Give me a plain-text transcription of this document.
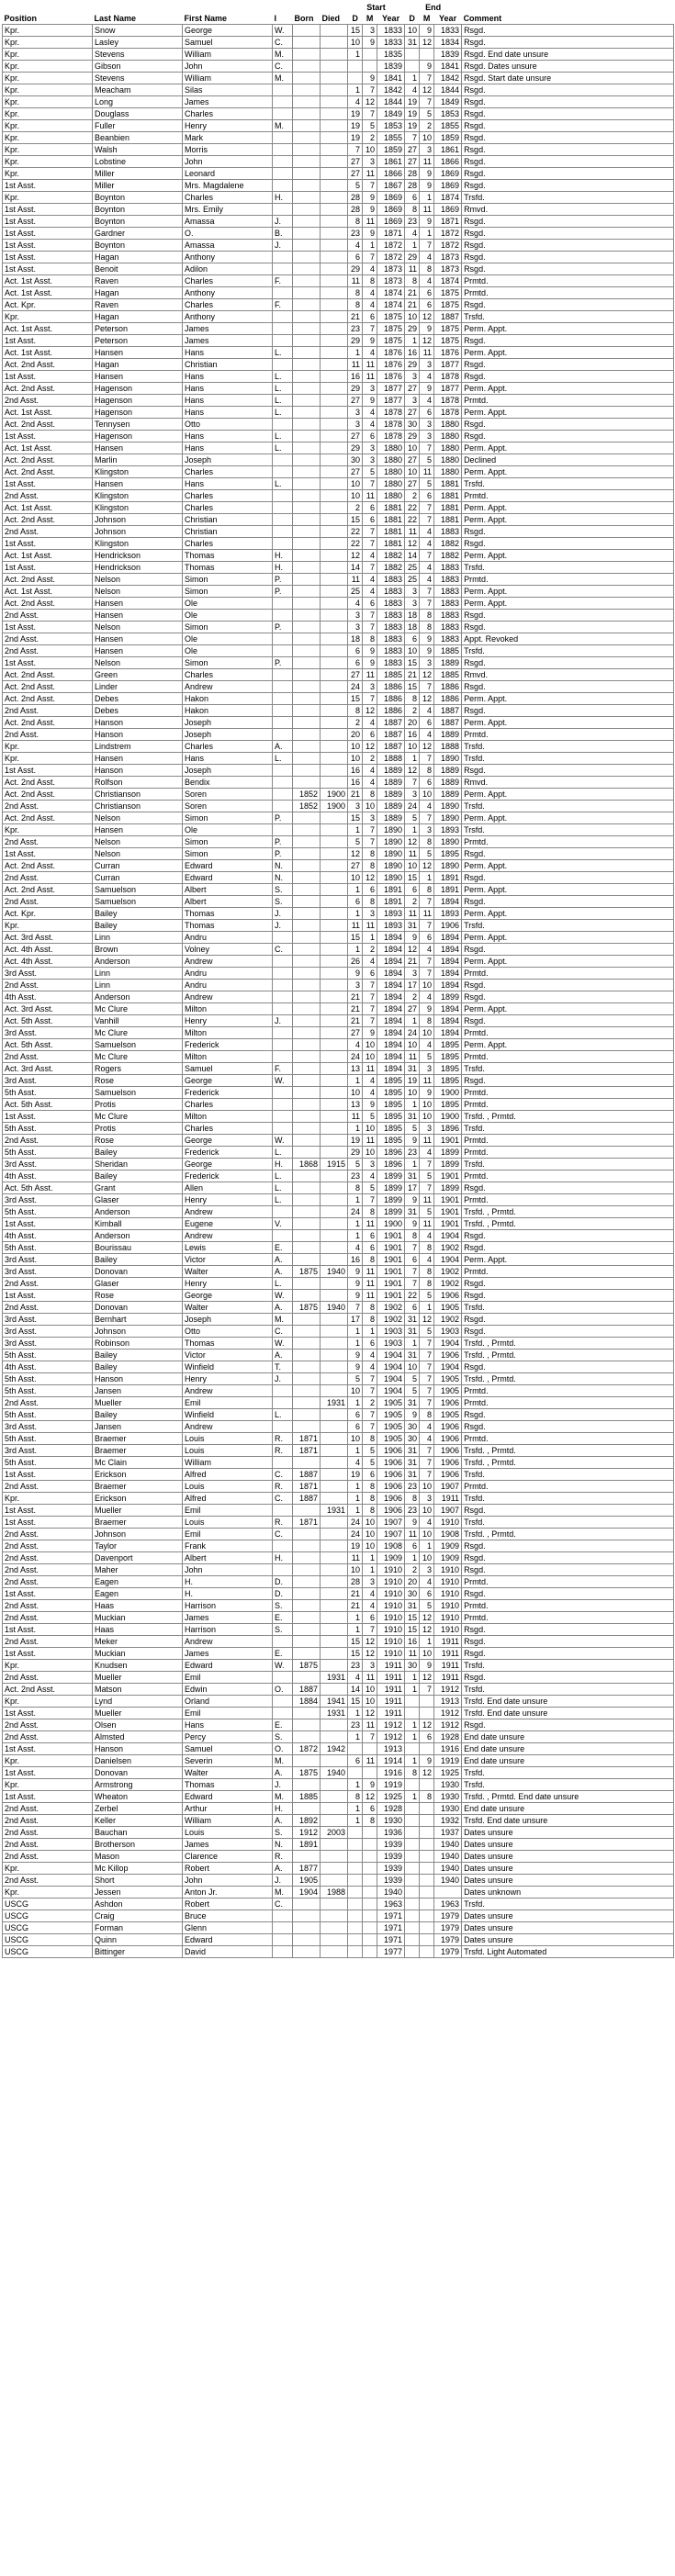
						Start			End			
Position	Last Name	First Name	I	Born	Died	D	M	Year	D	M	Year	Comment
Kpr.	Snow	George	W.			15	3	1833	10	9	1833	Rsgd.
Kpr.	Lasley	Samuel	C.			10	9	1833	31	12	1834	Rsgd.
Kpr.	Stevens	William	M.			1		1835			1839	Rsgd. End date unsure
Kpr.	Gibson	John	C.					1839		9	1841	Rsgd. Dates unsure
Kpr.	Stevens	William	M.				9	1841	1	7	1842	Rsgd. Start date unsure
Kpr.	Meacham	Silas				1	7	1842	4	12	1844	Rsgd.
Kpr.	Long	James				4	12	1844	19	7	1849	Rsgd.
Kpr.	Douglass	Charles				19	7	1849	19	5	1853	Rsgd.
Kpr.	Fuller	Henry	M.			19	5	1853	19	2	1855	Rsgd.
Kpr.	Beanbien	Mark				19	2	1855	7	10	1859	Rsgd.
Kpr.	Walsh	Morris				7	10	1859	27	3	1861	Rsgd.
Kpr.	Lobstine	John				27	3	1861	27	11	1866	Rsgd.
Kpr.	Miller	Leonard				27	11	1866	28	9	1869	Rsgd.
1st Asst.	Miller	Mrs. Magdalene				5	7	1867	28	9	1869	Rsgd.
Kpr.	Boynton	Charles	H.			28	9	1869	6	1	1874	Trsfd.
1st Asst.	Boynton	Mrs. Emily				28	9	1869	8	11	1869	Rmvd.
1st Asst.	Boynton	Amassa	J.			8	11	1869	23	9	1871	Rsgd.
1st Asst.	Gardner	O.	B.			23	9	1871	4	1	1872	Rsgd.
1st Asst.	Boynton	Amassa	J.			4	1	1872	1	7	1872	Rsgd.
1st Asst.	Hagan	Anthony				6	7	1872	29	4	1873	Rsgd.
1st Asst.	Benoit	Adilon				29	4	1873	11	8	1873	Rsgd.
Act. 1st Asst.	Raven	Charles	F.			11	8	1873	8	4	1874	Prmtd.
Act. 1st Asst.	Hagan	Anthony				8	4	1874	21	6	1875	Prmtd.
Act. Kpr.	Raven	Charles	F.			8	4	1874	21	6	1875	Rsgd.
Kpr.	Hagan	Anthony				21	6	1875	10	12	1887	Trsfd.
Act. 1st Asst.	Peterson	James				23	7	1875	29	9	1875	Perm. Appt.
1st Asst.	Peterson	James				29	9	1875	1	12	1875	Rsgd.
Act. 1st Asst.	Hansen	Hans	L.			1	4	1876	16	11	1876	Perm. Appt.
Act. 2nd Asst.	Hagan	Christian				11	11	1876	29	3	1877	Rsgd.
1st Asst.	Hansen	Hans	L.			16	11	1876	3	4	1878	Rsgd.
Act. 2nd Asst.	Hagenson	Hans	L.			29	3	1877	27	9	1877	Perm. Appt.
2nd Asst.	Hagenson	Hans	L.			27	9	1877	3	4	1878	Prmtd.
Act. 1st Asst.	Hagenson	Hans	L.			3	4	1878	27	6	1878	Perm. Appt.
Act. 2nd Asst.	Tennysen	Otto				3	4	1878	30	3	1880	Rsgd.
1st Asst.	Hagenson	Hans	L.			27	6	1878	29	3	1880	Rsgd.
Act. 1st Asst.	Hansen	Hans	L.			29	3	1880	10	7	1880	Perm. Appt.
Act. 2nd Asst.	Marlin	Joseph				30	3	1880	27	5	1880	Declined
Act. 2nd Asst.	Klingston	Charles				27	5	1880	10	11	1880	Perm. Appt.
1st Asst.	Hansen	Hans	L.			10	7	1880	27	5	1881	Trsfd.
2nd Asst.	Klingston	Charles				10	11	1880	2	6	1881	Prmtd.
Act. 1st Asst.	Klingston	Charles				2	6	1881	22	7	1881	Perm. Appt.
Act. 2nd Asst.	Johnson	Christian				15	6	1881	22	7	1881	Perm. Appt.
2nd Asst.	Johnson	Christian				22	7	1881	11	4	1883	Rsgd.
1st Asst.	Klingston	Charles				22	7	1881	12	4	1882	Rsgd.
Act. 1st Asst.	Hendrickson	Thomas	H.			12	4	1882	14	7	1882	Perm. Appt.
1st Asst.	Hendrickson	Thomas	H.			14	7	1882	25	4	1883	Trsfd.
Act. 2nd Asst.	Nelson	Simon	P.			11	4	1883	25	4	1883	Prmtd.
Act. 1st Asst.	Nelson	Simon	P.			25	4	1883	3	7	1883	Perm. Appt.
Act. 2nd Asst.	Hansen	Ole				4	6	1883	3	7	1883	Perm. Appt.
2nd Asst.	Hansen	Ole				3	7	1883	18	8	1883	Rsgd.
1st Asst.	Nelson	Simon	P.			3	7	1883	18	8	1883	Rsgd.
2nd Asst.	Hansen	Ole				18	8	1883	6	9	1883	Appt. Revoked
2nd Asst.	Hansen	Ole				6	9	1883	10	9	1885	Trsfd.
1st Asst.	Nelson	Simon	P.			6	9	1883	15	3	1889	Rsgd.
Act. 2nd Asst.	Green	Charles				27	11	1885	21	12	1885	Rmvd.
Act. 2nd Asst.	Linder	Andrew				24	3	1886	15	7	1886	Rsgd.
Act. 2nd Asst.	Debes	Hakon				15	7	1886	8	12	1886	Perm. Appt.
2nd Asst.	Debes	Hakon				8	12	1886	2	4	1887	Rsgd.
Act. 2nd Asst.	Hanson	Joseph				2	4	1887	20	6	1887	Perm. Appt.
2nd Asst.	Hanson	Joseph				20	6	1887	16	4	1889	Prmtd.
Kpr.	Lindstrem	Charles	A.			10	12	1887	10	12	1888	Trsfd.
Kpr.	Hansen	Hans	L.			10	2	1888	1	7	1890	Trsfd.
1st Asst.	Hanson	Joseph				16	4	1889	12	8	1889	Rsgd.
Act. 2nd Asst.	Rolfson	Bendix				16	4	1889	7	6	1889	Rmvd.
Act. 2nd Asst.	Christianson	Soren		1852	1900	21	8	1889	3	10	1889	Perm. Appt.
2nd Asst.	Christianson	Soren		1852	1900	3	10	1889	24	4	1890	Trsfd.
Act. 2nd Asst.	Nelson	Simon	P.			15	3	1889	5	7	1890	Perm. Appt.
Kpr.	Hansen	Ole				1	7	1890	1	3	1893	Trsfd.
2nd Asst.	Nelson	Simon	P.			5	7	1890	12	8	1890	Prmtd.
1st Asst.	Nelson	Simon	P.			12	8	1890	11	5	1895	Rsgd.
Act. 2nd Asst.	Curran	Edward	N.			27	8	1890	10	12	1890	Perm. Appt.
2nd Asst.	Curran	Edward	N.			10	12	1890	15	1	1891	Rsgd.
Act. 2nd Asst.	Samuelson	Albert	S.			1	6	1891	6	8	1891	Perm. Appt.
2nd Asst.	Samuelson	Albert	S.			6	8	1891	2	7	1894	Rsgd.
Act. Kpr.	Bailey	Thomas	J.			1	3	1893	11	11	1893	Perm. Appt.
Kpr.	Bailey	Thomas	J.			11	11	1893	31	7	1906	Trsfd.
Act. 3rd Asst.	Linn	Andru				15	1	1894	9	6	1894	Perm. Appt.
Act. 4th Asst.	Brown	Volney	C.			1	2	1894	12	4	1894	Rsgd.
Act. 4th Asst.	Anderson	Andrew				26	4	1894	21	7	1894	Perm. Appt.
3rd Asst.	Linn	Andru				9	6	1894	3	7	1894	Prmtd.
2nd Asst.	Linn	Andru				3	7	1894	17	10	1894	Rsgd.
4th Asst.	Anderson	Andrew				21	7	1894	2	4	1899	Rsgd.
Act. 3rd Asst.	Mc Clure	Milton				21	7	1894	27	9	1894	Perm. Appt.
Act. 5th Asst.	Vanhill	Henry	J.			21	7	1894	1	8	1894	Rsgd.
3rd Asst.	Mc Clure	Milton				27	9	1894	24	10	1894	Prmtd.
Act. 5th Asst.	Samuelson	Frederick				4	10	1894	10	4	1895	Perm. Appt.
2nd Asst.	Mc Clure	Milton				24	10	1894	11	5	1895	Prmtd.
Act. 3rd Asst.	Rogers	Samuel	F.			13	11	1894	31	3	1895	Trsfd.
3rd Asst.	Rose	George	W.			1	4	1895	19	11	1895	Rsgd.
5th Asst.	Samuelson	Frederick				10	4	1895	10	9	1900	Prmtd.
Act. 5th Asst.	Protis	Charles				13	9	1895	1	10	1895	Prmtd.
1st Asst.	Mc Clure	Milton				11	5	1895	31	10	1900	Trsfd. , Prmtd.
5th Asst.	Protis	Charles				1	10	1895	5	3	1896	Trsfd.
2nd Asst.	Rose	George	W.			19	11	1895	9	11	1901	Prmtd.
5th Asst.	Bailey	Frederick	L.			29	10	1896	23	4	1899	Prmtd.
3rd Asst.	Sheridan	George	H.	1868	1915	5	3	1896	1	7	1899	Trsfd.
4th Asst.	Bailey	Frederick	L.			23	4	1899	31	5	1901	Prmtd.
Act. 5th Asst.	Grant	Allen	L.			8	5	1899	17	7	1899	Rsgd.
3rd Asst.	Glaser	Henry	L.			1	7	1899	9	11	1901	Prmtd.
5th Asst.	Anderson	Andrew				24	8	1899	31	5	1901	Trsfd. , Prmtd.
1st Asst.	Kimball	Eugene	V.			1	11	1900	9	11	1901	Trsfd. , Prmtd.
4th Asst.	Anderson	Andrew				1	6	1901	8	4	1904	Rsgd.
5th Asst.	Bourissau	Lewis	E.			4	6	1901	7	8	1902	Rsgd.
3rd Asst.	Bailey	Victor	A.			16	8	1901	6	4	1904	Perm. Appt.
3rd Asst.	Donovan	Walter	A.	1875	1940	9	11	1901	7	8	1902	Prmtd.
2nd Asst.	Glaser	Henry	L.			9	11	1901	7	8	1902	Rsgd.
1st Asst.	Rose	George	W.			9	11	1901	22	5	1906	Rsgd.
2nd Asst.	Donovan	Walter	A.	1875	1940	7	8	1902	6	1	1905	Trsfd.
3rd Asst.	Bernhart	Joseph	M.			17	8	1902	31	12	1902	Rsgd.
3rd Asst.	Johnson	Otto	C.			1	1	1903	31	5	1903	Rsgd.
3rd Asst.	Robinson	Thomas	W.			1	6	1903	1	7	1904	Trsfd. , Prmtd.
5th Asst.	Bailey	Victor	A.			9	4	1904	31	7	1906	Trsfd. , Prmtd.
4th Asst.	Bailey	Winfield	T.			9	4	1904	10	7	1904	Rsgd.
5th Asst.	Hanson	Henry	J.			5	7	1904	5	7	1905	Trsfd. , Prmtd.
5th Asst.	Jansen	Andrew				10	7	1904	5	7	1905	Prmtd.
2nd Asst.	Mueller	Emil			1931	1	2	1905	31	7	1906	Prmtd.
5th Asst.	Bailey	Winfield	L.			6	7	1905	9	8	1905	Rsgd.
3rd Asst.	Jansen	Andrew				6	7	1905	30	4	1906	Rsgd.
5th Asst.	Braemer	Louis	R.	1871		10	8	1905	30	4	1906	Prmtd.
3rd Asst.	Braemer	Louis	R.	1871		1	5	1906	31	7	1906	Trsfd. , Prmtd.
5th Asst.	Mc Clain	William				4	5	1906	31	7	1906	Trsfd. , Prmtd.
1st Asst.	Erickson	Alfred	C.	1887		19	6	1906	31	7	1906	Trsfd.
2nd Asst.	Braemer	Louis	R.	1871		1	8	1906	23	10	1907	Prmtd.
Kpr.	Erickson	Alfred	C.	1887		1	8	1906	8	3	1911	Trsfd.
1st Asst.	Mueller	Emil			1931	1	8	1906	23	10	1907	Rsgd.
1st Asst.	Braemer	Louis	R.	1871		24	10	1907	9	4	1910	Trsfd.
2nd Asst.	Johnson	Emil	C.			24	10	1907	11	10	1908	Trsfd. , Prmtd.
2nd Asst.	Taylor	Frank				19	10	1908	6	1	1909	Rsgd.
2nd Asst.	Davenport	Albert	H.			11	1	1909	1	10	1909	Rsgd.
2nd Asst.	Maher	John				10	1	1910	2	3	1910	Rsgd.
2nd Asst.	Eagen	H.	D.			28	3	1910	20	4	1910	Prmtd.
1st Asst.	Eagen	H.	D.			21	4	1910	30	6	1910	Rsgd.
2nd Asst.	Haas	Harrison	S.			21	4	1910	31	5	1910	Prmtd.
2nd Asst.	Muckian	James	E.			1	6	1910	15	12	1910	Prmtd.
1st Asst.	Haas	Harrison	S.			1	7	1910	15	12	1910	Rsgd.
2nd Asst.	Meker	Andrew				15	12	1910	16	1	1911	Rsgd.
1st Asst.	Muckian	James	E.			15	12	1910	11	10	1911	Rsgd.
Kpr.	Knudsen	Edward	W.	1875		23	3	1911	30	9	1911	Trsfd.
2nd Asst.	Mueller	Emil			1931	4	11	1911	1	12	1911	Rsgd.
Act. 2nd Asst.	Matson	Edwin	O.	1887		14	10	1911	1	7	1912	Trsfd.
Kpr.	Lynd	Orland		1884	1941	15	10	1911			1913	Trsfd. End date unsure
1st Asst.	Mueller	Emil			1931	1	12	1911			1912	Trsfd. End date unsure
2nd Asst.	Olsen	Hans	E.			23	11	1912	1	12	1912	Rsgd.
2nd Asst.	Almsted	Percy	S.			1	7	1912	1	6	1928	End date unsure
1st Asst.	Hanson	Samuel	O.	1872	1942			1913			1916	End date unsure
Kpr.	Danielsen	Severin	M.			6	11	1914	1	9	1919	End date unsure
1st Asst.	Donovan	Walter	A.	1875	1940			1916	8	12	1925	Trsfd.
Kpr.	Armstrong	Thomas	J.			1	9	1919			1930	Trsfd.
1st Asst.	Wheaton	Edward	M.	1885		8	12	1925	1	8	1930	Trsfd. , Prmtd. End date unsure
2nd Asst.	Zerbel	Arthur	H.			1	6	1928			1930	End date unsure
2nd Asst.	Keller	William	A.	1892		1	8	1930			1932	Trsfd. End date unsure
2nd Asst.	Bauchan	Louis	S.	1912	2003			1936			1937	Dates unsure
2nd Asst.	Brotherson	James	N.	1891				1939			1940	Dates unsure
2nd Asst.	Mason	Clarence	R.					1939			1940	Dates unsure
Kpr.	Mc Killop	Robert	A.	1877				1939			1940	Dates unsure
2nd Asst.	Short	John	J.	1905				1939			1940	Dates unsure
Kpr.	Jessen	Anton Jr.	M.	1904	1988			1940				Dates unknown
USCG	Ashdon	Robert	C.					1963			1963	Trsfd.
USCG	Craig	Bruce						1971			1979	Dates unsure
USCG	Forman	Glenn						1971			1979	Dates unsure
USCG	Quinn	Edward						1971			1979	Dates unsure
USCG	Bittinger	David						1977			1979	Trsfd. Light Automated
